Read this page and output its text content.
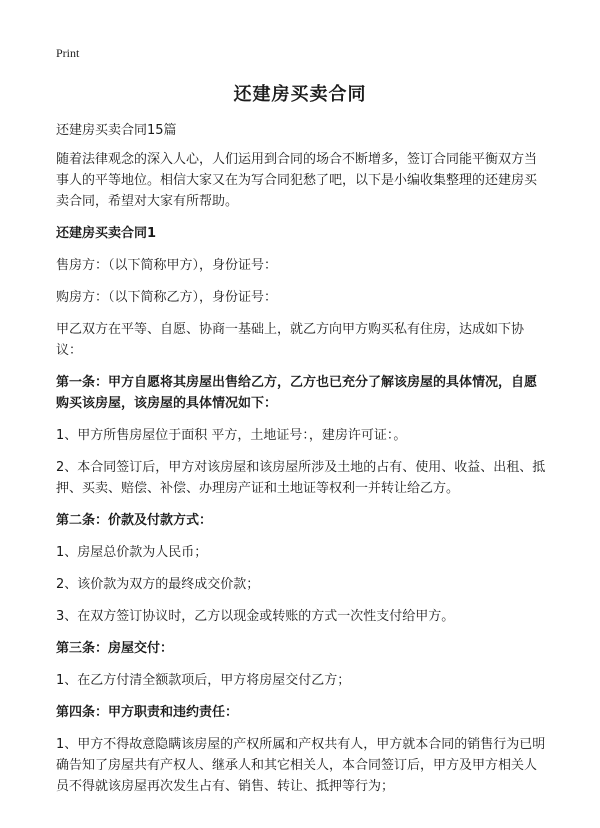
Print
还建房买卖合同

还建房买卖合同15篇

随着法律观念的深入人心，人们运用到合同的场合不断增多，签订合同能平衡双方当事人的平等地位。相信大家又在为写合同犯愁了吧，以下是小编收集整理的还建房买卖合同，希望对大家有所帮助。

还建房买卖合同1

售房方：（以下简称甲方），身份证号：

购房方：（以下简称乙方），身份证号：

甲乙双方在平等、自愿、协商一基础上，就乙方向甲方购买私有住房，达成如下协议：

第一条：甲方自愿将其房屋出售给乙方，乙方也已充分了解该房屋的具体情况，自愿购买该房屋，该房屋的具体情况如下：

1、甲方所售房屋位于面积 平方，土地证号：，建房许可证：。

2、本合同签订后，甲方对该房屋和该房屋所涉及土地的占有、使用、收益、出租、抵押、买卖、赔偿、补偿、办理房产证和土地证等权利一并转让给乙方。

第二条：价款及付款方式：

1、房屋总价款为人民币；

2、该价款为双方的最终成交价款；

3、在双方签订协议时，乙方以现金或转账的方式一次性支付给甲方。

第三条：房屋交付：

1、在乙方付清全额款项后，甲方将房屋交付乙方；

第四条：甲方职责和违约责任：

1、甲方不得故意隐瞒该房屋的产权所属和产权共有人，甲方就本合同的销售行为已明确告知了房屋共有产权人、继承人和其它相关人，本合同签订后，甲方及甲方相关人员不得就该房屋再次发生占有、销售、转让、抵押等行为；
